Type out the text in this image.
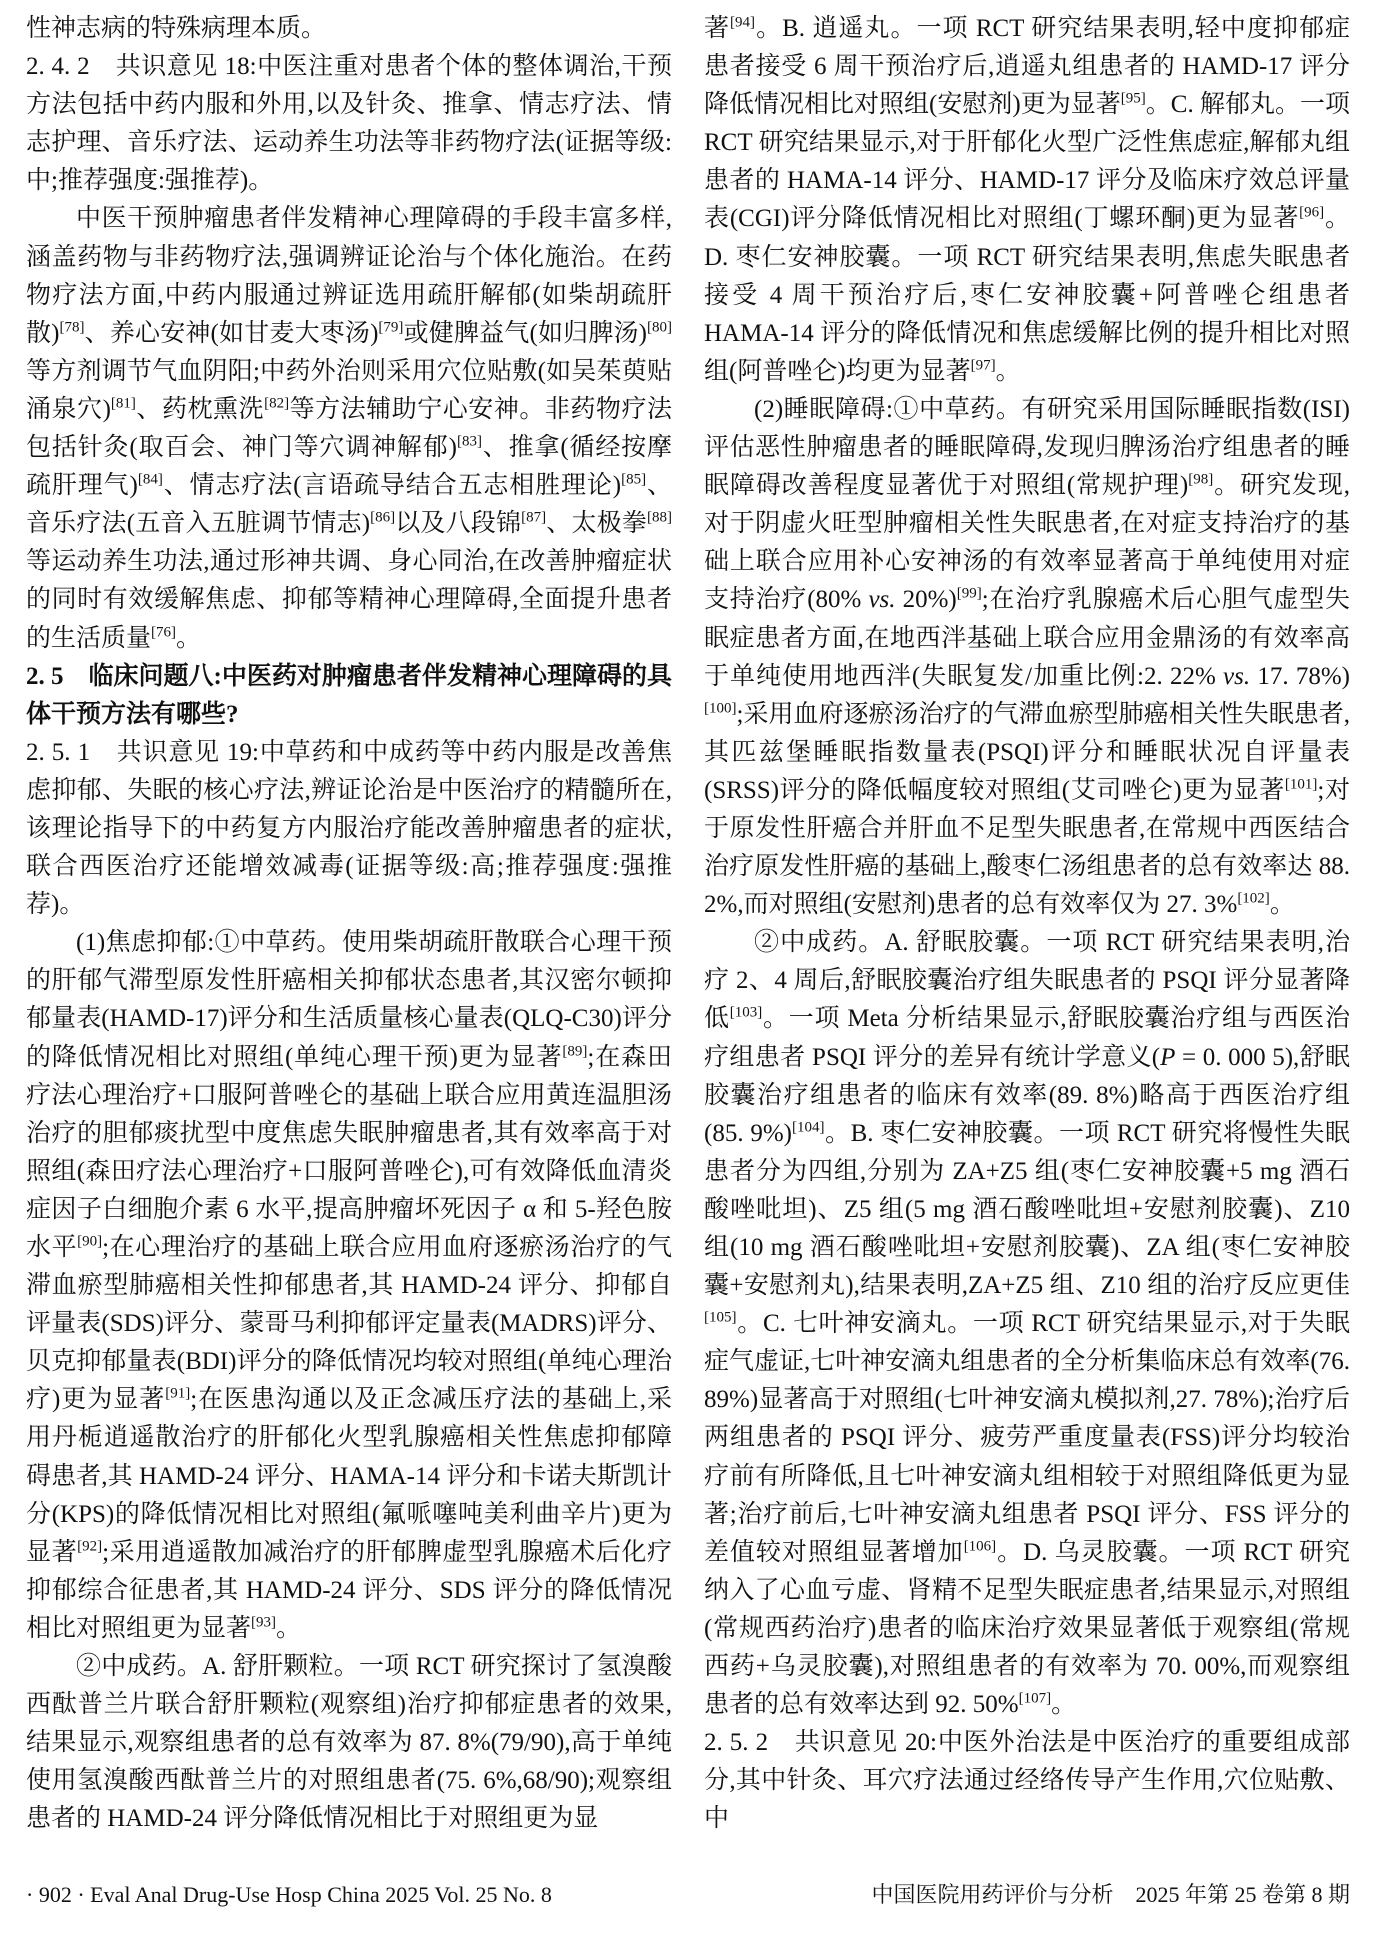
性神志病的特殊病理本质。

2. 4. 2　共识意见 18:中医注重对患者个体的整体调治,干预方法包括中药内服和外用,以及针灸、推拿、情志疗法、情志护理、音乐疗法、运动养生功法等非药物疗法(证据等级:中;推荐强度:强推荐)。

中医干预肿瘤患者伴发精神心理障碍的手段丰富多样,涵盖药物与非药物疗法,强调辨证论治与个体化施治。在药物疗法方面,中药内服通过辨证选用疏肝解郁(如柴胡疏肝散)[78]、养心安神(如甘麦大枣汤)[79]或健脾益气(如归脾汤)[80]等方剂调节气血阴阳;中药外治则采用穴位贴敷(如吴茱萸贴涌泉穴)[81]、药枕熏洗[82]等方法辅助宁心安神。非药物疗法包括针灸(取百会、神门等穴调神解郁)[83]、推拿(循经按摩疏肝理气)[84]、情志疗法(言语疏导结合五志相胜理论)[85]、音乐疗法(五音入五脏调节情志)[86]以及八段锦[87]、太极拳[88]等运动养生功法,通过形神共调、身心同治,在改善肿瘤症状的同时有效缓解焦虑、抑郁等精神心理障碍,全面提升患者的生活质量[76]。

2. 5　临床问题八:中医药对肿瘤患者伴发精神心理障碍的具体干预方法有哪些?

2. 5. 1　共识意见 19:中草药和中成药等中药内服是改善焦虑抑郁、失眠的核心疗法,辨证论治是中医治疗的精髓所在,该理论指导下的中药复方内服治疗能改善肿瘤患者的症状,联合西医治疗还能增效减毒(证据等级:高;推荐强度:强推荐)。

(1)焦虑抑郁:①中草药。使用柴胡疏肝散联合心理干预的肝郁气滞型原发性肝癌相关抑郁状态患者,其汉密尔顿抑郁量表(HAMD-17)评分和生活质量核心量表(QLQ-C30)评分的降低情况相比对照组(单纯心理干预)更为显著[89];在森田疗法心理治疗+口服阿普唑仑的基础上联合应用黄连温胆汤治疗的胆郁痰扰型中度焦虑失眠肿瘤患者,其有效率高于对照组(森田疗法心理治疗+口服阿普唑仑),可有效降低血清炎症因子白细胞介素 6 水平,提高肿瘤坏死因子 α 和 5-羟色胺水平[90];在心理治疗的基础上联合应用血府逐瘀汤治疗的气滞血瘀型肺癌相关性抑郁患者,其 HAMD-24 评分、抑郁自评量表(SDS)评分、蒙哥马利抑郁评定量表(MADRS)评分、贝克抑郁量表(BDI)评分的降低情况均较对照组(单纯心理治疗)更为显著[91];在医患沟通以及正念减压疗法的基础上,采用丹栀逍遥散治疗的肝郁化火型乳腺癌相关性焦虑抑郁障碍患者,其 HAMD-24 评分、HAMA-14 评分和卡诺夫斯凯计分(KPS)的降低情况相比对照组(氟哌噻吨美利曲辛片)更为显著[92];采用逍遥散加减治疗的肝郁脾虚型乳腺癌术后化疗抑郁综合征患者,其 HAMD-24 评分、SDS 评分的降低情况相比对照组更为显著[93]。

②中成药。A. 舒肝颗粒。一项 RCT 研究探讨了氢溴酸西酞普兰片联合舒肝颗粒(观察组)治疗抑郁症患者的效果,结果显示,观察组患者的总有效率为 87. 8%(79/90),高于单纯使用氢溴酸西酞普兰片的对照组患者(75. 6%,68/90);观察组患者的 HAMD-24 评分降低情况相比于对照组更为显

著[94]。B. 逍遥丸。一项 RCT 研究结果表明,轻中度抑郁症患者接受 6 周干预治疗后,逍遥丸组患者的 HAMD-17 评分降低情况相比对照组(安慰剂)更为显著[95]。C. 解郁丸。一项 RCT 研究结果显示,对于肝郁化火型广泛性焦虑症,解郁丸组患者的 HAMA-14 评分、HAMD-17 评分及临床疗效总评量表(CGI)评分降低情况相比对照组(丁螺环酮)更为显著[96]。D. 枣仁安神胶囊。一项 RCT 研究结果表明,焦虑失眠患者接受 4 周干预治疗后,枣仁安神胶囊+阿普唑仑组患者 HAMA-14 评分的降低情况和焦虑缓解比例的提升相比对照组(阿普唑仑)均更为显著[97]。

(2)睡眠障碍:①中草药。有研究采用国际睡眠指数(ISI)评估恶性肿瘤患者的睡眠障碍,发现归脾汤治疗组患者的睡眠障碍改善程度显著优于对照组(常规护理)[98]。研究发现,对于阴虚火旺型肿瘤相关性失眠患者,在对症支持治疗的基础上联合应用补心安神汤的有效率显著高于单纯使用对症支持治疗(80% vs. 20%)[99];在治疗乳腺癌术后心胆气虚型失眠症患者方面,在地西泮基础上联合应用金鼎汤的有效率高于单纯使用地西泮(失眠复发/加重比例:2. 22% vs. 17. 78%)[100];采用血府逐瘀汤治疗的气滞血瘀型肺癌相关性失眠患者,其匹兹堡睡眠指数量表(PSQI)评分和睡眠状况自评量表(SRSS)评分的降低幅度较对照组(艾司唑仑)更为显著[101];对于原发性肝癌合并肝血不足型失眠患者,在常规中西医结合治疗原发性肝癌的基础上,酸枣仁汤组患者的总有效率达 88. 2%,而对照组(安慰剂)患者的总有效率仅为 27. 3%[102]。

②中成药。A. 舒眠胶囊。一项 RCT 研究结果表明,治疗 2、4 周后,舒眠胶囊治疗组失眠患者的 PSQI 评分显著降低[103]。一项 Meta 分析结果显示,舒眠胶囊治疗组与西医治疗组患者 PSQI 评分的差异有统计学意义(P = 0. 000 5),舒眠胶囊治疗组患者的临床有效率(89. 8%)略高于西医治疗组(85. 9%)[104]。B. 枣仁安神胶囊。一项 RCT 研究将慢性失眠患者分为四组,分别为 ZA+Z5 组(枣仁安神胶囊+5 mg 酒石酸唑吡坦)、Z5 组(5 mg 酒石酸唑吡坦+安慰剂胶囊)、Z10 组(10 mg 酒石酸唑吡坦+安慰剂胶囊)、ZA 组(枣仁安神胶囊+安慰剂丸),结果表明,ZA+Z5 组、Z10 组的治疗反应更佳[105]。C. 七叶神安滴丸。一项 RCT 研究结果显示,对于失眠症气虚证,七叶神安滴丸组患者的全分析集临床总有效率(76. 89%)显著高于对照组(七叶神安滴丸模拟剂,27. 78%);治疗后两组患者的 PSQI 评分、疲劳严重度量表(FSS)评分均较治疗前有所降低,且七叶神安滴丸组相较于对照组降低更为显著;治疗前后,七叶神安滴丸组患者 PSQI 评分、FSS 评分的差值较对照组显著增加[106]。D. 乌灵胶囊。一项 RCT 研究纳入了心血亏虚、肾精不足型失眠症患者,结果显示,对照组(常规西药治疗)患者的临床治疗效果显著低于观察组(常规西药+乌灵胶囊),对照组患者的有效率为 70. 00%,而观察组患者的总有效率达到 92. 50%[107]。

2. 5. 2　共识意见 20:中医外治法是中医治疗的重要组成部分,其中针灸、耳穴疗法通过经络传导产生作用,穴位贴敷、中

· 902 · Eval Anal Drug-Use Hosp China 2025 Vol. 25 No. 8	中国医院用药评价与分析　2025 年第 25 卷第 8 期
